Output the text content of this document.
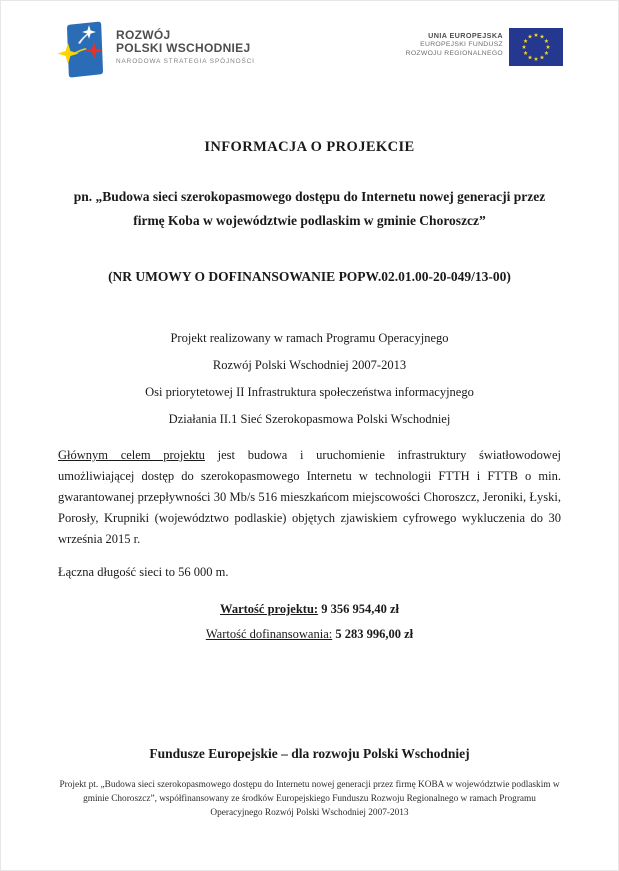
ROZWÓJ
POLSKI WSCHODNIEJ
NARODOWA STRATEGIA SPÓJNOŚCI
UNIA EUROPEJSKA
EUROPEJSKI FUNDUSZ
ROZWOJU REGIONALNEGO
INFORMACJA O PROJEKCIE
pn. „Budowa sieci szerokopasmowego dostępu do Internetu nowej generacji przez firmę Koba w województwie podlaskim w gminie Choroszcz”
(NR UMOWY O DOFINANSOWANIE POPW.02.01.00-20-049/13-00)
Projekt realizowany w ramach Programu Operacyjnego
Rozwój Polski Wschodniej 2007-2013
Osi priorytetowej II Infrastruktura społeczeństwa informacyjnego
Działania II.1 Sieć Szerokopasmowa Polski Wschodniej
Głównym celem projektu jest budowa i uruchomienie infrastruktury światłowodowej umożliwiającej dostęp do szerokopasmowego Internetu w technologii FTTH i FTTB o min. gwarantowanej przepływności 30 Mb/s 516 mieszkańcom miejscowości Choroszcz, Jeroniki, Łyski, Porosły, Krupniki (województwo podlaskie) objętych zjawiskiem cyfrowego wykluczenia do 30 września 2015 r.
Łączna długość sieci to 56 000 m.
Wartość projektu: 9 356 954,40 zł
Wartość dofinansowania: 5 283 996,00 zł
Fundusze Europejskie – dla rozwoju Polski Wschodniej
Projekt pt. „Budowa sieci szerokopasmowego dostępu do Internetu nowej generacji przez firmę KOBA w województwie podlaskim w gminie Choroszcz”, współfinansowany ze środków Europejskiego Funduszu Rozwoju Regionalnego w ramach Programu Operacyjnego Rozwój Polski Wschodniej 2007-2013
